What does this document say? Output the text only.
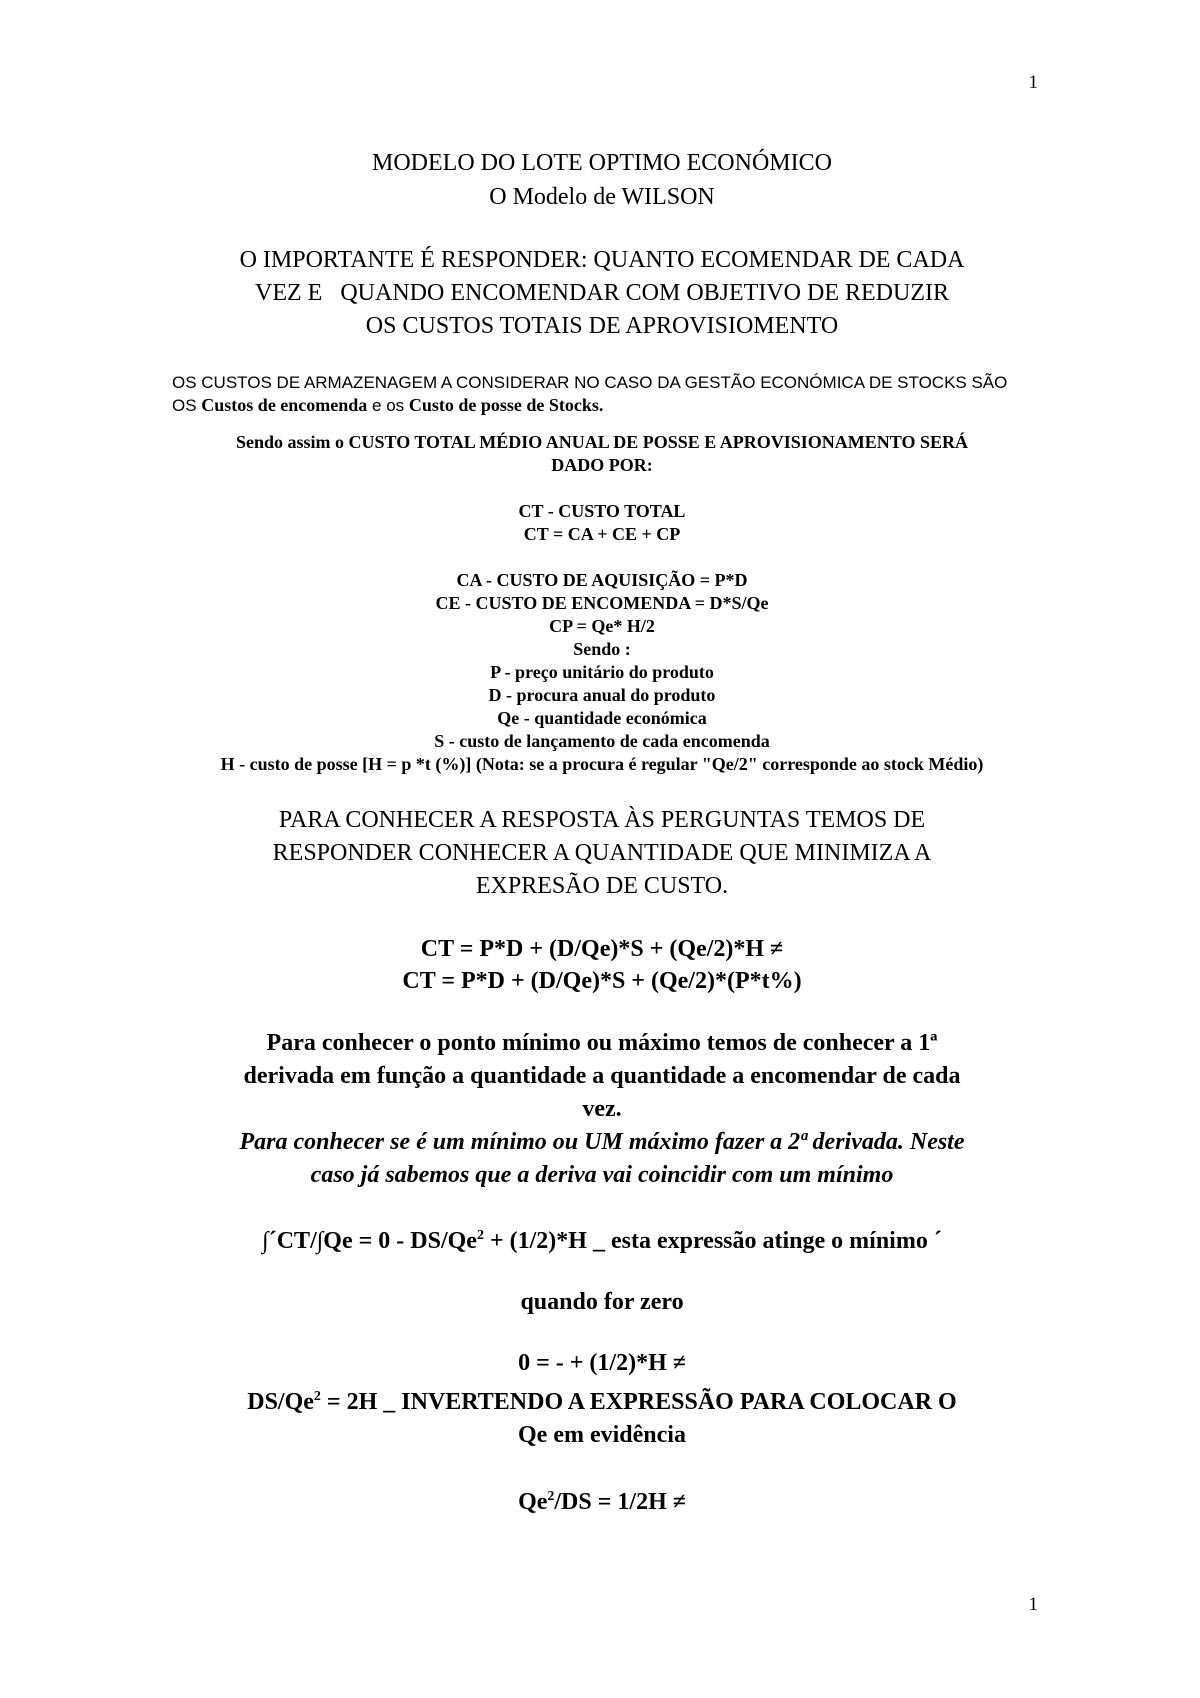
1

MODELO DO LOTE OPTIMO ECONÓMICO

O Modelo de WILSON

O IMPORTANTE É RESPONDER: QUANTO ECOMENDAR DE CADA

VEZ E   QUANDO ENCOMENDAR COM OBJETIVO DE REDUZIR

OS CUSTOS TOTAIS DE APROVISIOMENTO

OS CUSTOS DE ARMAZENAGEM A CONSIDERAR NO CASO DA GESTÃO ECONÓMICA DE STOCKS SÃO OS Custos de encomenda e os Custo de posse de Stocks.

Sendo assim o CUSTO TOTAL MÉDIO ANUAL DE POSSE E APROVISIONAMENTO SERÁ

DADO POR:

CT - CUSTO TOTAL

CT = CA + CE + CP

CA - CUSTO DE AQUISIÇÃO = P*D

CE - CUSTO DE ENCOMENDA = D*S/Qe

CP = Qe* H/2

Sendo :

P - preço unitário do produto

D - procura anual do produto

Qe - quantidade económica

S - custo de lançamento de cada encomenda

H - custo de posse [H = p *t (%)] (Nota: se a procura é regular "Qe/2" corresponde ao stock Médio)

PARA CONHECER A RESPOSTA ÀS PERGUNTAS TEMOS DE

RESPONDER CONHECER A QUANTIDADE QUE MINIMIZA A

EXPRESÃO DE CUSTO.

CT = P*D + (D/Qe)*S + (Qe/2)*H ≠

CT = P*D + (D/Qe)*S + (Qe/2)*(P*t%)

Para conhecer o ponto mínimo ou máximo temos de conhecer a 1ª

derivada em função a quantidade a quantidade a encomendar de cada

vez.

Para conhecer se é um mínimo ou UM máximo fazer a 2ª derivada. Neste

caso já sabemos que a deriva vai coincidir com um mínimo

∫´CT/∫Qe = $0 - DS/Qe^2 + (1/2)*H$ _ esta expressão atinge o mínimo ´

quando for zero

0 = - + (1/2)*H ≠

$DS/Qe^2 = 2H$ _ INVERTENDO A EXPRESSÃO PARA COLOCAR O

Qe em evidência

$Qe^2/DS = 1/2H$ ≠

1
